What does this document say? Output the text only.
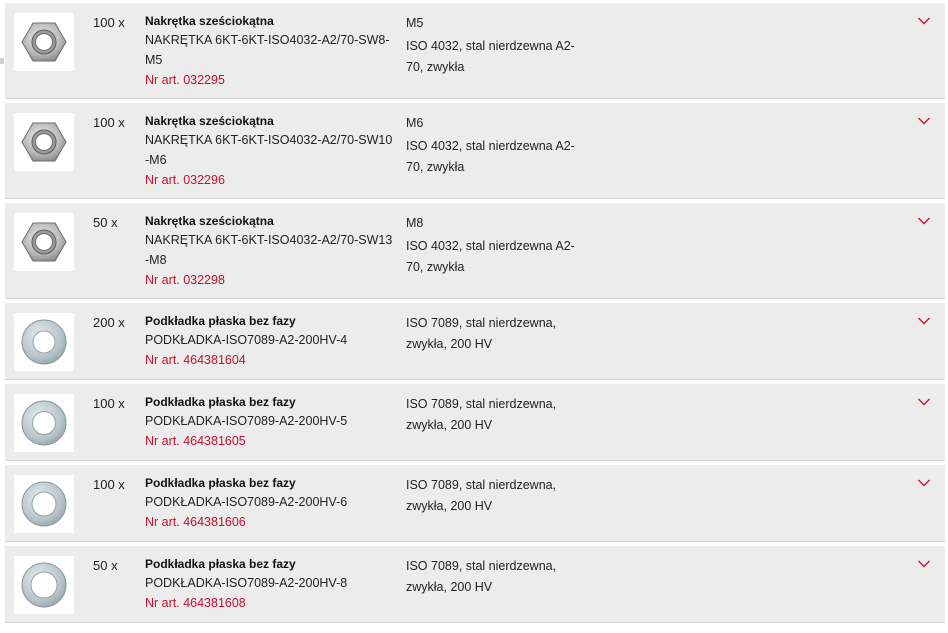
100 x Nakrętka sześciokątna
NAKRĘTKA 6KT-6KT-ISO4032-A2/70-SW8-M5
Nr art. 032295
M5
ISO 4032, stal nierdzewna A2-70, zwykła
100 x Nakrętka sześciokątna
NAKRĘTKA 6KT-6KT-ISO4032-A2/70-SW10-M6
Nr art. 032296
M6
ISO 4032, stal nierdzewna A2-70, zwykła
50 x Nakrętka sześciokątna
NAKRĘTKA 6KT-6KT-ISO4032-A2/70-SW13-M8
Nr art. 032298
M8
ISO 4032, stal nierdzewna A2-70, zwykła
200 x Podkładka płaska bez fazy
PODKŁADKA-ISO7089-A2-200HV-4
Nr art. 464381604
ISO 7089, stal nierdzewna, zwykła, 200 HV
100 x Podkładka płaska bez fazy
PODKŁADKA-ISO7089-A2-200HV-5
Nr art. 464381605
ISO 7089, stal nierdzewna, zwykła, 200 HV
100 x Podkładka płaska bez fazy
PODKŁADKA-ISO7089-A2-200HV-6
Nr art. 464381606
ISO 7089, stal nierdzewna, zwykła, 200 HV
50 x Podkładka płaska bez fazy
PODKŁADKA-ISO7089-A2-200HV-8
Nr art. 464381608
ISO 7089, stal nierdzewna, zwykła, 200 HV
